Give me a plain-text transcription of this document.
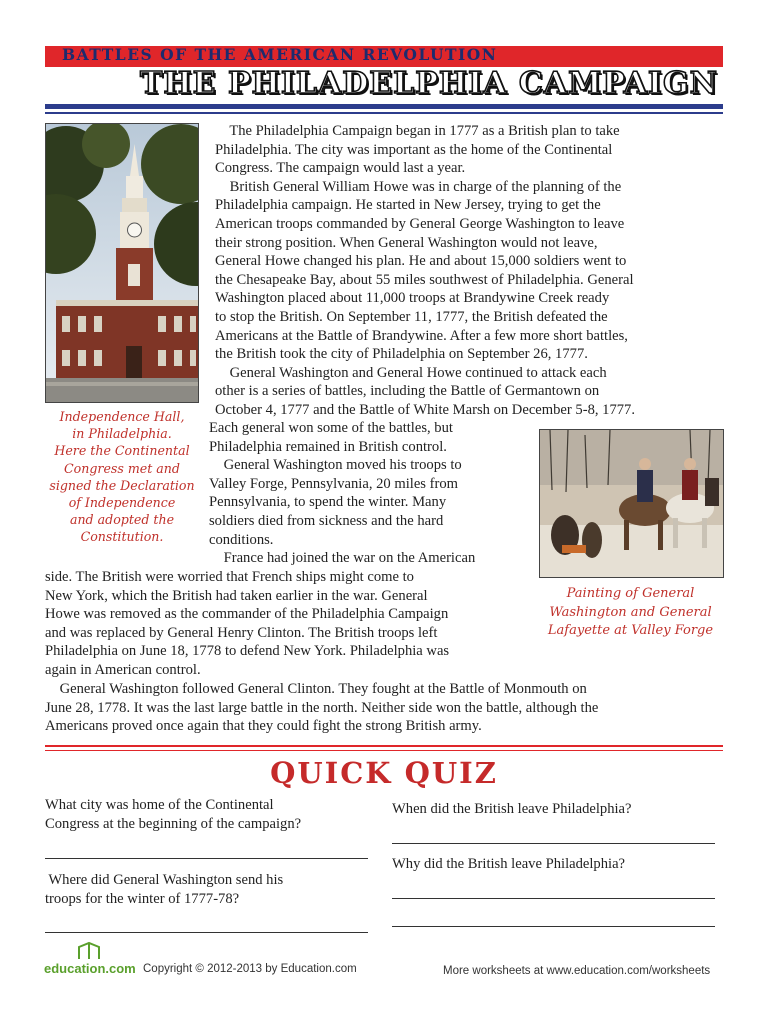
BATTLES OF THE AMERICAN REVOLUTION
THE PHILADELPHIA CAMPAIGN
Independence Hall,
in Philadelphia.
Here the Continental
Congress met and
signed the Declaration
of Independence
and adopted the
Constitution.
The Philadelphia Campaign began in 1777 as a British plan to take
Philadelphia. The city was important as the home of the Continental
Congress. The campaign would last a year.
British General William Howe was in charge of the planning of the
Philadelphia campaign. He started in New Jersey, trying to get the
American troops commanded by General George Washington to leave
their strong position. When General Washington would not leave,
General Howe changed his plan. He and about 15,000 soldiers went to
the Chesapeake Bay, about 55 miles southwest of Philadelphia. General
Washington placed about 11,000 troops at Brandywine Creek ready
to stop the British. On September 11, 1777, the British defeated the
Americans at the Battle of Brandywine. After a few more short battles,
the British took the city of Philadelphia on September 26, 1777.
General Washington and General Howe continued to attack each
other is a series of battles, including the Battle of Germantown on
October 4, 1777 and the Battle of White Marsh on December 5-8, 1777.
Each general won some of the battles, but
Philadelphia remained in British control.
General Washington moved his troops to
Valley Forge, Pennsylvania, 20 miles from
Pennsylvania, to spend the winter. Many
soldiers died from sickness and the hard
conditions.
France had joined the war on the American
side. The British were worried that French ships might come to
New York, which the British had taken earlier in the war. General
Howe was removed as the commander of the Philadelphia Campaign
and was replaced by General Henry Clinton. The British troops left
Philadelphia on June 18, 1778 to defend New York. Philadelphia was
again in American control.
General Washington followed General Clinton. They fought at the Battle of Monmouth on
June 28, 1778. It was the last large battle in the north. Neither side won the battle, although the
Americans proved once again that they could fight the strong British army.
Painting of General
Washington and General
Lafayette at Valley Forge
QUICK QUIZ
What city was home of the Continental
Congress at the beginning of the campaign?
Where did General Washington send his
troops for the winter of 1777-78?
When did the British leave Philadelphia?
Why did the British leave Philadelphia?
education.com Copyright © 2012-2013 by Education.com	More worksheets at www.education.com/worksheets
